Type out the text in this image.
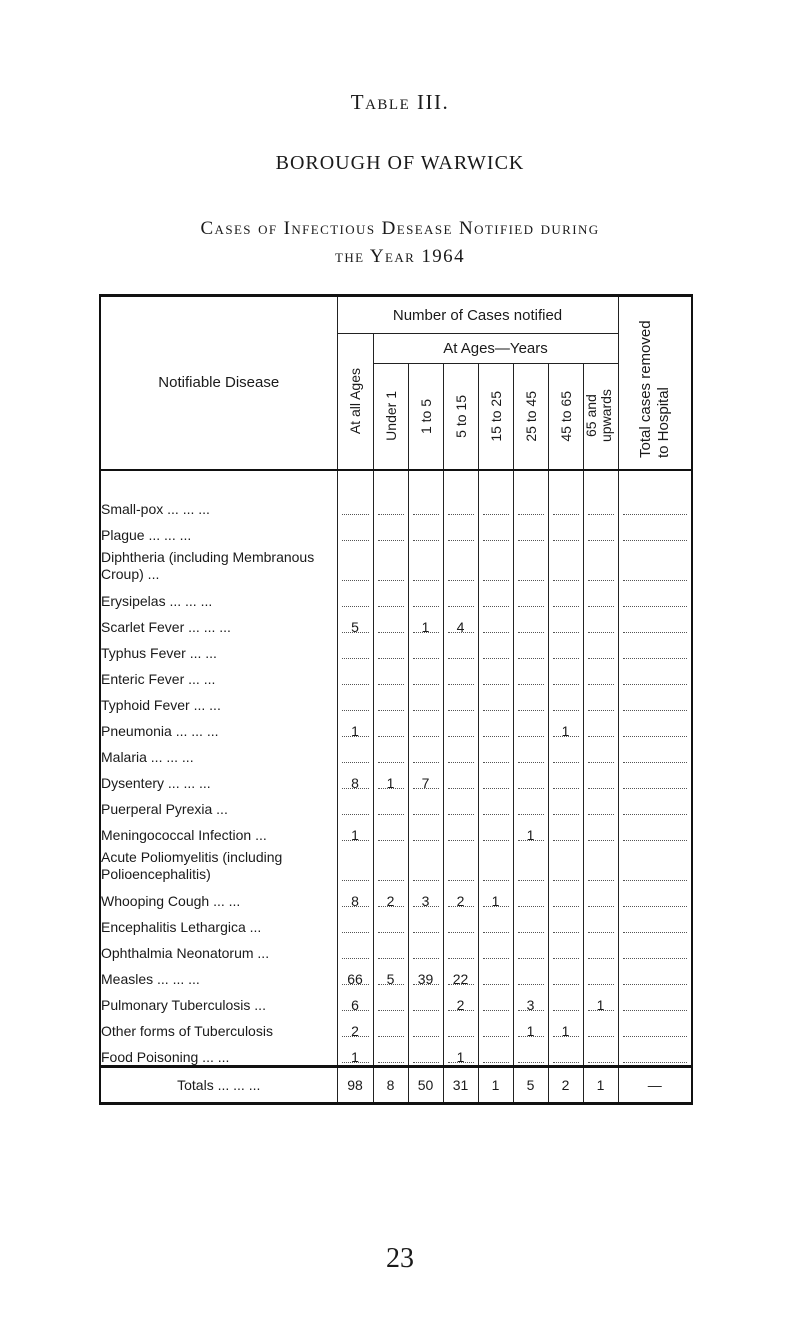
Table III.
BOROUGH OF WARWICK
Cases of Infectious Desease Notified during
the Year 1964
Notifiable Disease	Number of Cases notified								Total cases removed to Hospital

	At all Ages	At Ages—Years							

		Under 1	1 to 5	5 to 15	15 to 25	25 to 45	45 to 65	65 and upwards	

Small-pox ... ... ...	

Plague ... ... ...	

Diphtheria (including Membranous Croup) ...	

Erysipelas ... ... ...	

Scarlet Fever ... ... ...	5		1	4	

Typhus Fever ... ...	

Enteric Fever ... ...	

Typhoid Fever ... ...	

Pneumonia ... ... ...	1						1	

Malaria ... ... ...	

Dysentery ... ... ...	8	1	7	

Puerperal Pyrexia ...	

Meningococcal Infection ...	1					1	

Acute Poliomyelitis (including Polioencephalitis)	

Whooping Cough ... ...	8	2	3	2	1	

Encephalitis Lethargica ...	

Ophthalmia Neonatorum ...	

Measles ... ... ...	66	5	39	22	

Pulmonary Tuberculosis ...	6			2		3		1	

Other forms of Tuberculosis	2					1	1	

Food Poisoning ... ...	1			1	

Totals ... ... ...	98	8	50	31	1	5	2	1	—
23
